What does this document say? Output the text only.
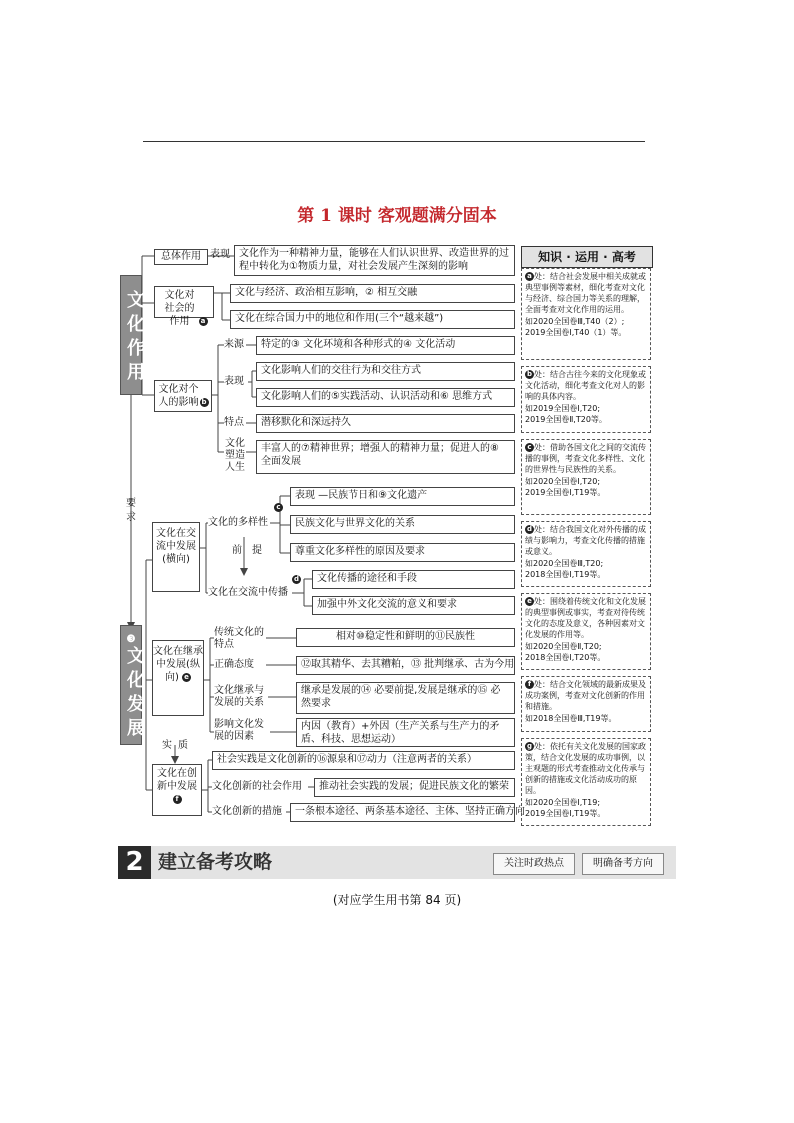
第 1 课时 客观题满分固本
文化作用
❸
文化发展
要求
总体作用 表现 文化作为一种精神力量，能够在人们认识世界、改造世界的过程中转化为①物质力量，对社会发展产生深刻的影响
文化对社会的作用 a
文化与经济、政治相互影响，② 相互交融
文化在综合国力中的地位和作用(三个“越来越”)
文化对个人的影响 b
来源	特定的③ 文化环境和各种形式的④ 文化活动
表现
文化影响人们的交往行为和交往方式
文化影响人们的⑤实践活动、认识活动和⑥ 思维方式
特点	潜移默化和深远持久
文化塑造人生
丰富人的⑦精神世界；增强人的精神力量；促进人的⑧ 全面发展
文化在交流中发展(横向)
文化的多样性
c
表现 —民族节日和⑨文化遗产
民族文化与世界文化的关系
尊重文化多样性的原因及要求
前提
文化在交流中传播
d	文化传播的途径和手段
加强中外文化交流的意义和要求
文化在继承中发展(纵向) e
传统文化的特点
相对⑩稳定性和鲜明的⑪民族性
正确态度	⑫取其精华、去其糟粕，⑬ 批判继承、古为今用
文化继承与发展的关系
继承是发展的⑭ 必要前提,发展是继承的⑮ 必然要求
影响文化发展的因素
内因（教育）+外因（生产关系与生产力的矛盾、科技、思想运动）
实质
文化在创新中发展 f
社会实践是文化创新的⑯源泉和⑰动力（注意两者的关系）
文化创新的社会作用	推动社会实践的发展；促进民族文化的繁荣
文化创新的措施	一条根本途径、两条基本途径、主体、坚持正确方向
知识 · 运用 · 高考
a 处：结合社会发展中相关成就或典型事例等素材，细化考查对文化与经济、综合国力等关系的理解，全面考查对文化作用的运用。
如2020全国卷Ⅲ,T40（2）;
2019全国卷Ⅰ,T40（1）等。
b 处：结合古往今来的文化现象或文化活动，细化考查文化对人的影响的具体内容。
如2019全国卷Ⅰ,T20;
2019全国卷Ⅱ,T20等。
c 处：借助各国文化之间的交流传播的事例，考查文化多样性、文化的世界性与民族性的关系。
如2020全国卷Ⅰ,T20;
2019全国卷Ⅰ,T19等。
d 处：结合我国文化对外传播的成绩与影响力，考查文化传播的措施或意义。
如2020全国卷Ⅲ,T20;
2018全国卷Ⅰ,T19等。
e 处：围绕着传统文化和文化发展的典型事例或事实，考查对待传统文化的态度及意义，各种因素对文化发展的作用等。
如2020全国卷Ⅱ,T20;
2018全国卷Ⅰ,T20等。
f 处：结合文化领域的最新成果及成功案例，考查对文化创新的作用和措施。
如2018全国卷Ⅲ,T19等。
g 处：依托有关文化发展的国家政策，结合文化发展的成功事例，以主观题的形式考查推动文化传承与创新的措施或文化活动成功的原因。
如2020全国卷Ⅰ,T19;
2019全国卷Ⅰ,T19等。
2 建立备考攻略	关注时政热点	明确备考方向
(对应学生用书第 84 页)
